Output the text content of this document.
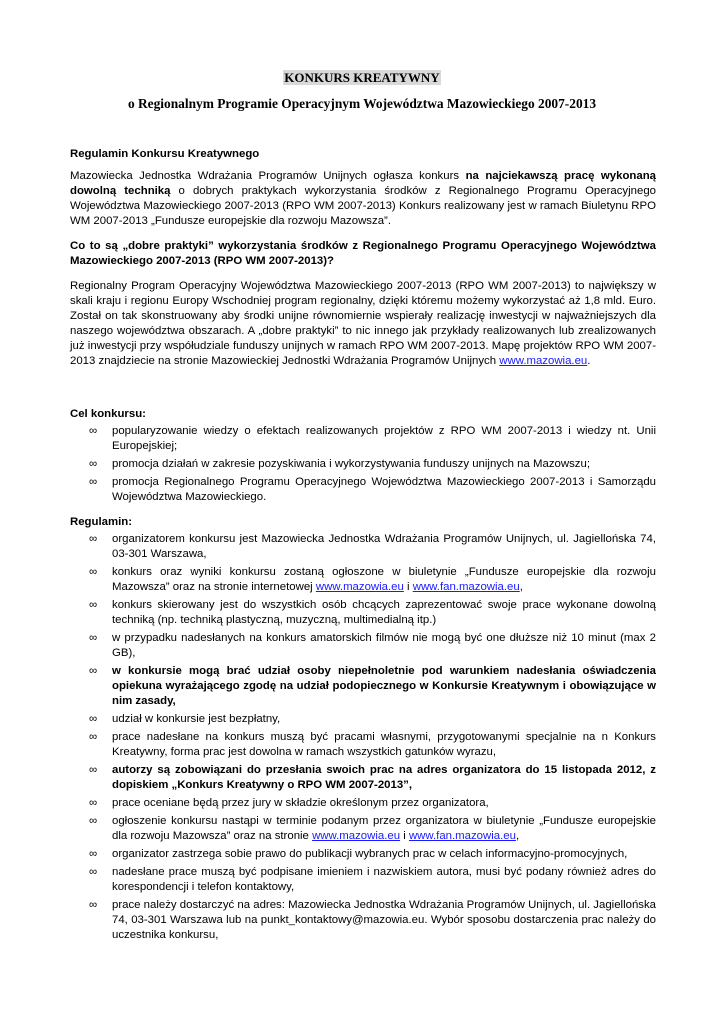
KONKURS KREATYWNY
o Regionalnym Programie Operacyjnym Województwa Mazowieckiego 2007-2013

Regulamin Konkursu Kreatywnego

Mazowiecka Jednostka Wdrażania Programów Unijnych ogłasza konkurs na najciekawszą pracę wykonaną dowolną techniką o dobrych praktykach wykorzystania środków z Regionalnego Programu Operacyjnego Województwa Mazowieckiego 2007-2013 (RPO WM 2007-2013) Konkurs realizowany jest w ramach Biuletynu RPO WM 2007-2013 „Fundusze europejskie dla rozwoju Mazowsza”.

Co to są „dobre praktyki” wykorzystania środków z Regionalnego Programu Operacyjnego Województwa Mazowieckiego 2007-2013 (RPO WM 2007-2013)?

Regionalny Program Operacyjny Województwa Mazowieckiego 2007-2013 (RPO WM 2007-2013) to największy w skali kraju i regionu Europy Wschodniej program regionalny, dzięki któremu możemy wykorzystać aż 1,8 mld. Euro. Został on tak skonstruowany aby środki unijne równomiernie wspierały realizację inwestycji w najważniejszych dla naszego województwa obszarach. A „dobre praktyki” to nic innego jak przykłady realizowanych lub zrealizowanych już inwestycji przy współudziale funduszy unijnych w ramach RPO WM 2007-2013. Mapę projektów RPO WM 2007-2013 znajdziecie na stronie Mazowieckiej Jednostki Wdrażania Programów Unijnych www.mazowia.eu.

Cel konkursu:

∞ popularyzowanie wiedzy o efektach realizowanych projektów z RPO WM 2007-2013 i wiedzy nt. Unii Europejskiej;
∞ promocja działań w zakresie pozyskiwania i wykorzystywania funduszy unijnych na Mazowszu;
∞ promocja Regionalnego Programu Operacyjnego Województwa Mazowieckiego 2007-2013 i Samorządu Województwa Mazowieckiego.

Regulamin:

∞ organizatorem konkursu jest Mazowiecka Jednostka Wdrażania Programów Unijnych, ul. Jagiellońska 74, 03-301 Warszawa,
∞ konkurs oraz wyniki konkursu zostaną ogłoszone w biuletynie „Fundusze europejskie dla rozwoju Mazowsza” oraz na stronie internetowej www.mazowia.eu i www.fan.mazowia.eu,
∞ konkurs skierowany jest do wszystkich osób chcących zaprezentować swoje prace wykonane dowolną techniką (np. techniką plastyczną, muzyczną, multimedialną itp.)
∞ w przypadku nadesłanych na konkurs amatorskich filmów nie mogą być one dłuższe niż 10 minut (max 2 GB),
∞ w konkursie mogą brać udział osoby niepełnoletnie pod warunkiem nadesłania oświadczenia opiekuna wyrażającego zgodę na udział podopiecznego w Konkursie Kreatywnym i obowiązujące w nim zasady,
∞ udział w konkursie jest bezpłatny,
∞ prace nadesłane na konkurs muszą być pracami własnymi, przygotowanymi specjalnie na n Konkurs Kreatywny, forma prac jest dowolna w ramach wszystkich gatunków wyrazu,
∞ autorzy są zobowiązani do przesłania swoich prac na adres organizatora do 15 listopada 2012, z dopiskiem „Konkurs Kreatywny o RPO WM 2007-2013”,
∞ prace oceniane będą przez jury w składzie określonym przez organizatora,
∞ ogłoszenie konkursu nastąpi w terminie podanym przez organizatora w biuletynie „Fundusze europejskie dla rozwoju Mazowsza” oraz na stronie www.mazowia.eu i www.fan.mazowia.eu,
∞ organizator zastrzega sobie prawo do publikacji wybranych prac w celach informacyjno-promocyjnych,
∞ nadesłane prace muszą być podpisane imieniem i nazwiskiem autora, musi być podany również adres do korespondencji i telefon kontaktowy,
∞ prace należy dostarczyć na adres: Mazowiecka Jednostka Wdrażania Programów Unijnych, ul. Jagiellońska 74, 03-301 Warszawa lub na punkt_kontaktowy@mazowia.eu. Wybór sposobu dostarczenia prac należy do uczestnika konkursu,
